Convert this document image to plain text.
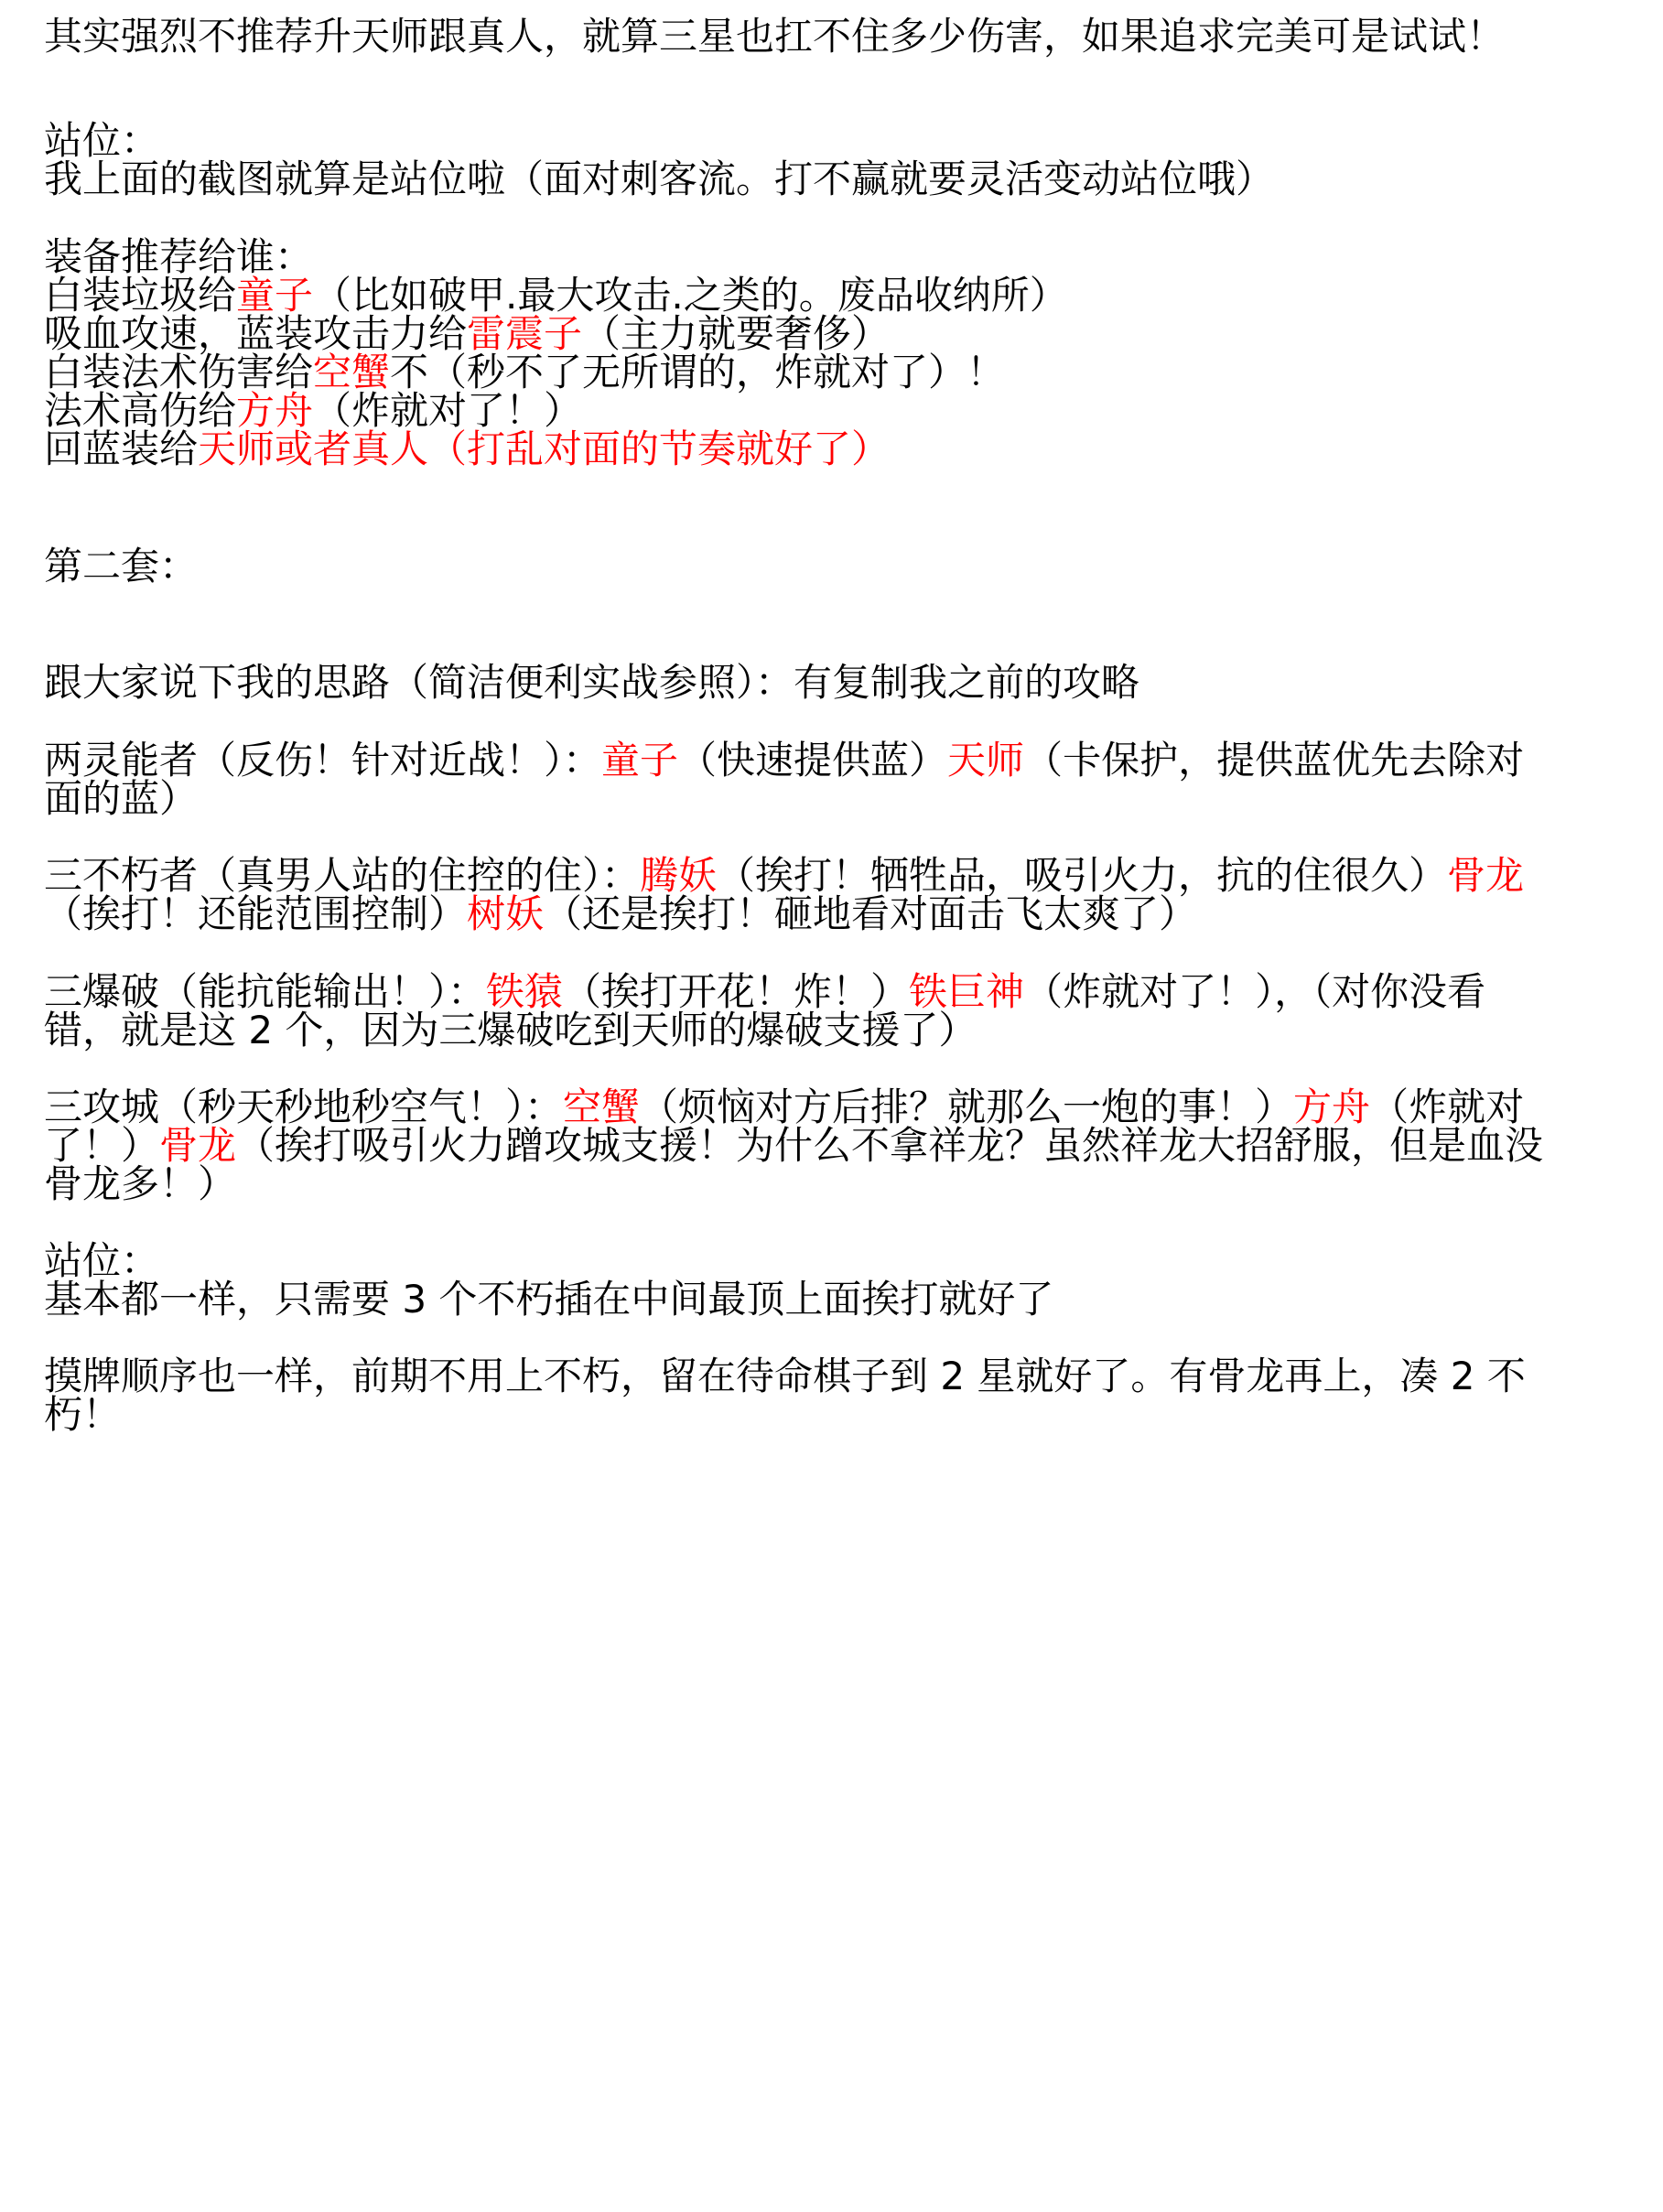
其实强烈不推荐升天师跟真人，就算三星也扛不住多少伤害，如果追求完美可是试试！
站位：
我上面的截图就算是站位啦（面对刺客流。打不赢就要灵活变动站位哦）
装备推荐给谁：
白装垃圾给童子（比如破甲.最大攻击.之类的。废品收纳所）
吸血攻速，蓝装攻击力给雷震子（主力就要奢侈）
白装法术伤害给空蟹不（秒不了无所谓的，炸就对了）！
法术高伤给方舟（炸就对了！）
回蓝装给天师或者真人（打乱对面的节奏就好了）
第二套：
跟大家说下我的思路（简洁便利实战参照）：有复制我之前的攻略
两灵能者（反伤！针对近战！）：童子（快速提供蓝）天师（卡保护，提供蓝优先去除对
面的蓝）
三不朽者（真男人站的住控的住）：腾妖（挨打！牺牲品，吸引火力，抗的住很久）骨龙
（挨打！还能范围控制）树妖（还是挨打！砸地看对面击飞太爽了）
三爆破（能抗能输出！）：铁猿（挨打开花！炸！）铁巨神（炸就对了！），（对你没看
错，就是这 2 个，因为三爆破吃到天师的爆破支援了）
三攻城（秒天秒地秒空气！）：空蟹（烦恼对方后排？就那么一炮的事！）方舟（炸就对
了！）骨龙（挨打吸引火力蹭攻城支援！为什么不拿祥龙？虽然祥龙大招舒服，但是血没
骨龙多！）
站位：
基本都一样，只需要 3 个不朽插在中间最顶上面挨打就好了
摸牌顺序也一样，前期不用上不朽，留在待命棋子到 2 星就好了。有骨龙再上，凑 2 不
朽！
